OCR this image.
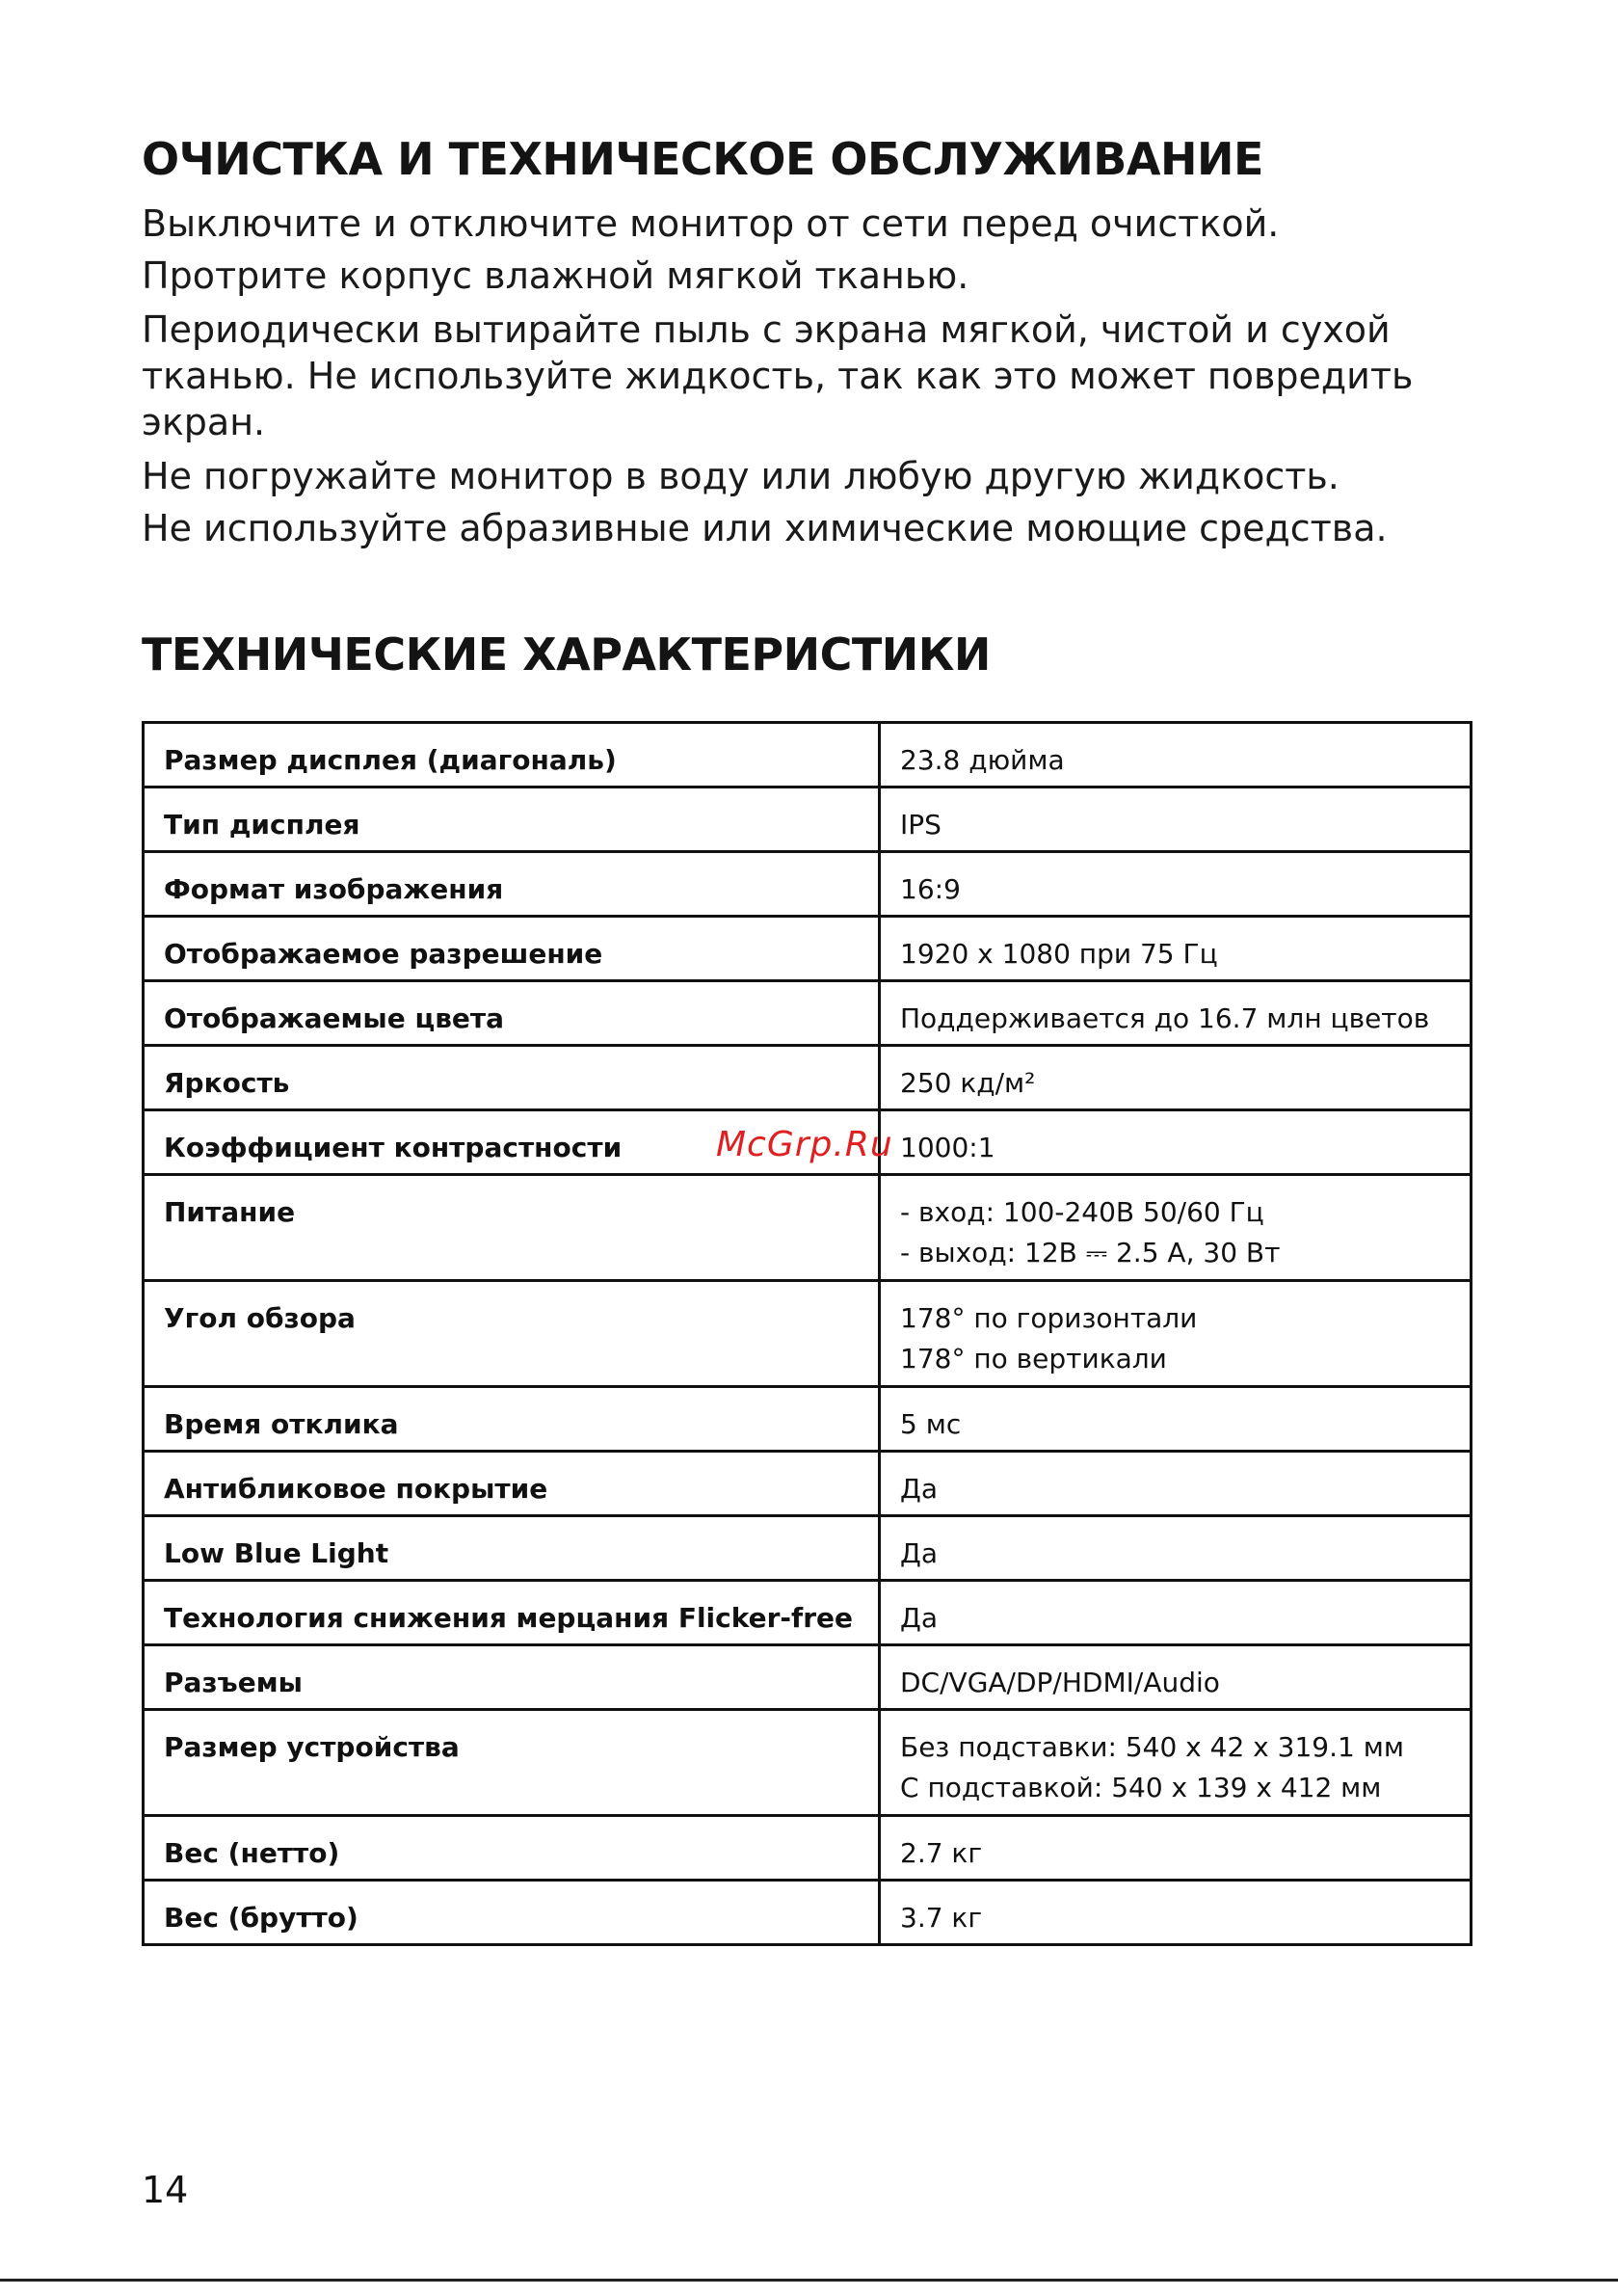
ОЧИСТКА И ТЕХНИЧЕСКОЕ ОБСЛУЖИВАНИЕ

Выключите и отключите монитор от сети перед очисткой.

Протрите корпус влажной мягкой тканью.

Периодически вытирайте пыль с экрана мягкой, чистой и сухой тканью. Не используйте жидкость, так как это может повредить экран.

Не погружайте монитор в воду или любую другую жидкость.

Не используйте абразивные или химические моющие средства.

ТЕХНИЧЕСКИЕ ХАРАКТЕРИСТИКИ
Размер дисплея (диагональ)	23.8 дюйма
Тип дисплея	IPS
Формат изображения	16:9
Отображаемое разрешение	1920 x 1080 при 75 Гц
Отображаемые цвета	Поддерживается до 16.7 млн цветов
Яркость	250 кд/м²
Коэффициент контрастности	1000:1
Питание	- вход: 100-240В 50/60 Гц
- выход: 12В ⎓ 2.5 А, 30 Вт

Угол обзора	178° по горизонтали
178° по вертикали

Время отклика	5 мс
Антибликовое покрытие	Да
Low Blue Light	Да
Технология снижения мерцания Flicker-free	Да
Разъемы	DC/VGA/DP/HDMI/Audio
Размер устройства	Без подставки: 540 x 42 x 319.1 мм
С подставкой: 540 x 139 x 412 мм

Вес (нетто)	2.7 кг
Вес (брутто)	3.7 кг
McGrp.Ru
14
